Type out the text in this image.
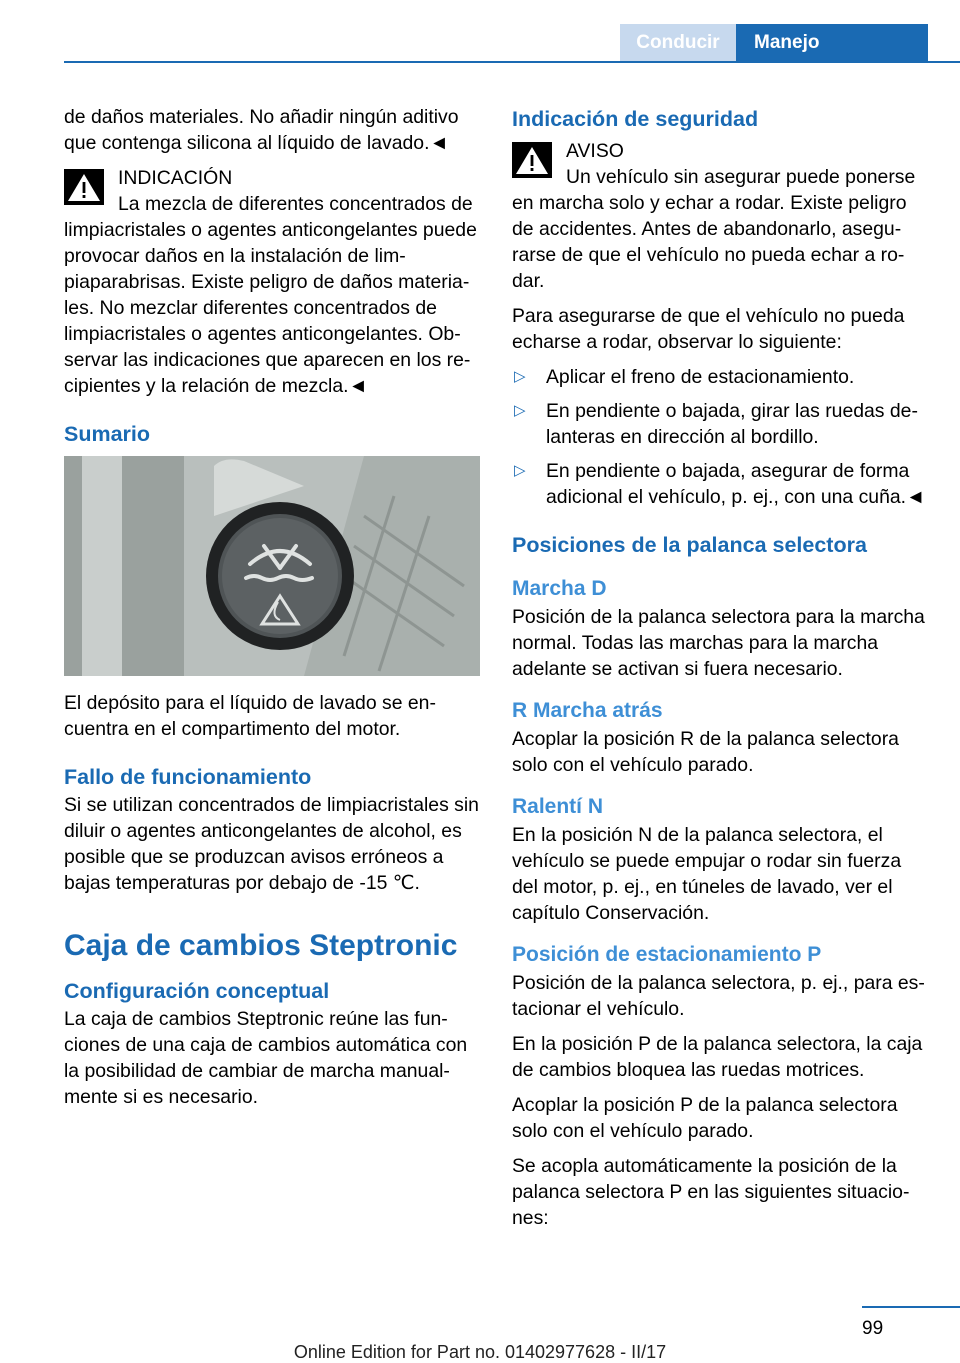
Conducir	Manejo

de daños materiales. No añadir ningún aditivo que contenga silicona al líquido de lavado.◄

INDICACIÓN
La mezcla de diferentes concentrados de limpiacristales o agentes anticongelantes puede provocar daños en la instalación de limpiaparabrisas. Existe peligro de daños materiales. No mezclar diferentes concentrados de limpiacristales o agentes anticongelantes. Observar las indicaciones que aparecen en los recipientes y la relación de mezcla.◄
Sumario

El depósito para el líquido de lavado se encuentra en el compartimento del motor.

Fallo de funcionamiento

Si se utilizan concentrados de limpiacristales sin diluir o agentes anticongelantes de alcohol, es posible que se produzcan avisos erróneos a bajas temperaturas por debajo de -15 ℃.

Caja de cambios Steptronic
Configuración conceptual

La caja de cambios Steptronic reúne las funciones de una caja de cambios automática con la posibilidad de cambiar de marcha manualmente si es necesario.

Indicación de seguridad
AVISO
Un vehículo sin asegurar puede ponerse en marcha solo y echar a rodar. Existe peligro de accidentes. Antes de abandonarlo, asegurarse de que el vehículo no pueda echar a rodar.

Para asegurarse de que el vehículo no pueda echarse a rodar, observar lo siguiente:

▷ Aplicar el freno de estacionamiento.
▷ En pendiente o bajada, girar las ruedas delanteras en dirección al bordillo.
▷ En pendiente o bajada, asegurar de forma adicional el vehículo, p. ej., con una cuña.◄
Posiciones de la palanca selectora
Marcha D

Posición de la palanca selectora para la marcha normal. Todas las marchas para la marcha adelante se activan si fuera necesario.

R Marcha atrás

Acoplar la posición R de la palanca selectora solo con el vehículo parado.

Ralentí N

En la posición N de la palanca selectora, el vehículo se puede empujar o rodar sin fuerza del motor, p. ej., en túneles de lavado, ver el capítulo Conservación.

Posición de estacionamiento P

Posición de la palanca selectora, p. ej., para estacionar el vehículo.

En la posición P de la palanca selectora, la caja de cambios bloquea las ruedas motrices.

Acoplar la posición P de la palanca selectora solo con el vehículo parado.

Se acopla automáticamente la posición de la palanca selectora P en las siguientes situaciones:

99
Online Edition for Part no. 01402977628 - II/17
